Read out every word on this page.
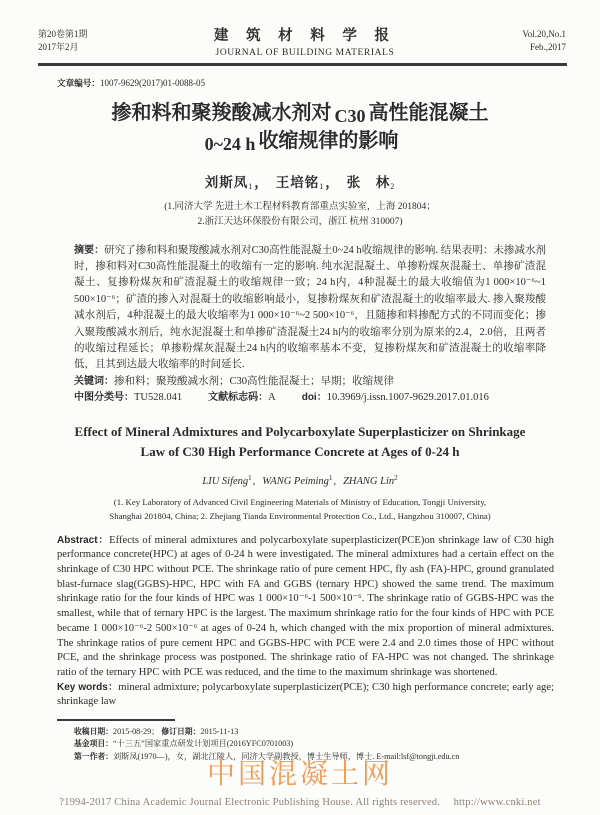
第20卷第1期
2017年2月
建 筑 材 料 学 报
JOURNAL OF BUILDING MATERIALS
Vol.20,No.1
Feb.,2017
文章编号：1007-9629(2017)01-0088-05
掺和料和聚羧酸减水剂对 C30 高性能混凝土
0~24 h 收缩规律的影响
刘斯凤1， 王培铭1， 张　林2
(1.同济大学 先进土木工程材料教育部重点实验室，上海 201804；
2.浙江天达环保股份有限公司，浙江 杭州 310007)

摘要：研究了掺和料和聚羧酸减水剂对C30高性能混凝土0~24 h收缩规律的影响. 结果表明：未掺减水剂时，掺和料对C30高性能混凝土的收缩有一定的影响. 纯水泥混凝土、单掺粉煤灰混凝土、单掺矿渣混凝土、复掺粉煤灰和矿渣混凝土的收缩规律一致；24 h内，4种混凝土的最大收缩值为1 000×10⁻⁶~1 500×10⁻⁶；矿渣的掺入对混凝土的收缩影响最小，复掺粉煤灰和矿渣混凝土的收缩率最大. 掺入聚羧酸减水剂后，4种混凝土的最大收缩率为1 000×10⁻⁶~2 500×10⁻⁶，且随掺和料掺配方式的不同而变化；掺入聚羧酸减水剂后，纯水泥混凝土和单掺矿渣混凝土24 h内的收缩率分别为原来的2.4，2.0倍，且两者的收缩过程延长；单掺粉煤灰混凝土24 h内的收缩率基本不变，复掺粉煤灰和矿渣混凝土的收缩率降低，且其到达最大收缩率的时间延长.

关键词：掺和料；聚羧酸减水剂；C30高性能混凝土；早期；收缩规律

中图分类号：TU528.041	文献标志码：A	doi：10.3969/j.issn.1007-9629.2017.01.016

Effect of Mineral Admixtures and Polycarboxylate Superplasticizer on Shrinkage
Law of C30 High Performance Concrete at Ages of 0-24 h
LIU Sifeng$^1$, WANG Peiming$^1$, ZHANG Lin$^2$
(1. Key Laboratory of Advanced Civil Engineering Materials of Ministry of Education, Tongji University,
Shanghai 201804, China; 2. Zhejiang Tianda Environmental Protection Co., Ltd., Hangzhou 310007, China)

Abstract：Effects of mineral admixtures and polycarboxylate superplasticizer(PCE)on shrinkage law of C30 high performance concrete(HPC) at ages of 0-24 h were investigated. The mineral admixtures had a certain effect on the shrinkage of C30 HPC without PCE. The shrinkage ratio of pure cement HPC, fly ash (FA)-HPC, ground granulated blast-furnace slag(GGBS)-HPC, HPC with FA and GGBS (ternary HPC) showed the same trend. The maximum shrinkage ratio for the four kinds of HPC was 1 000×10⁻⁶-1 500×10⁻⁶. The shrinkage ratio of GGBS-HPC was the smallest, while that of ternary HPC is the largest. The maximum shrinkage ratio for the four kinds of HPC with PCE became 1 000×10⁻⁶-2 500×10⁻⁶ at ages of 0-24 h, which changed with the mix proportion of mineral admixtures. The shrinkage ratios of pure cement HPC and GGBS-HPC with PCE were 2.4 and 2.0 times those of HPC without PCE, and the shrinkage process was postponed. The shrinkage ratio of FA-HPC was not changed. The shrinkage ratio of the ternary HPC with PCE was reduced, and the time to the maximum shrinkage was shortened.

Key words：mineral admixture; polycarboxylate superplasticizer(PCE); C30 high performance concrete; early age; shrinkage law

收稿日期：2015-08-29； 修订日期：2015-11-13

基金项目：“十三五”国家重点研发计划项目(2016YFC0701003)

第一作者：刘斯凤(1970—)，女，湖北江陵人，同济大学副教授，博士生导师，博士. E-mail:lsf@tongji.edu.cn

中国混凝土网
?1994-2017 China Academic Journal Electronic Publishing House. All rights reserved.　 http://www.cnki.net
